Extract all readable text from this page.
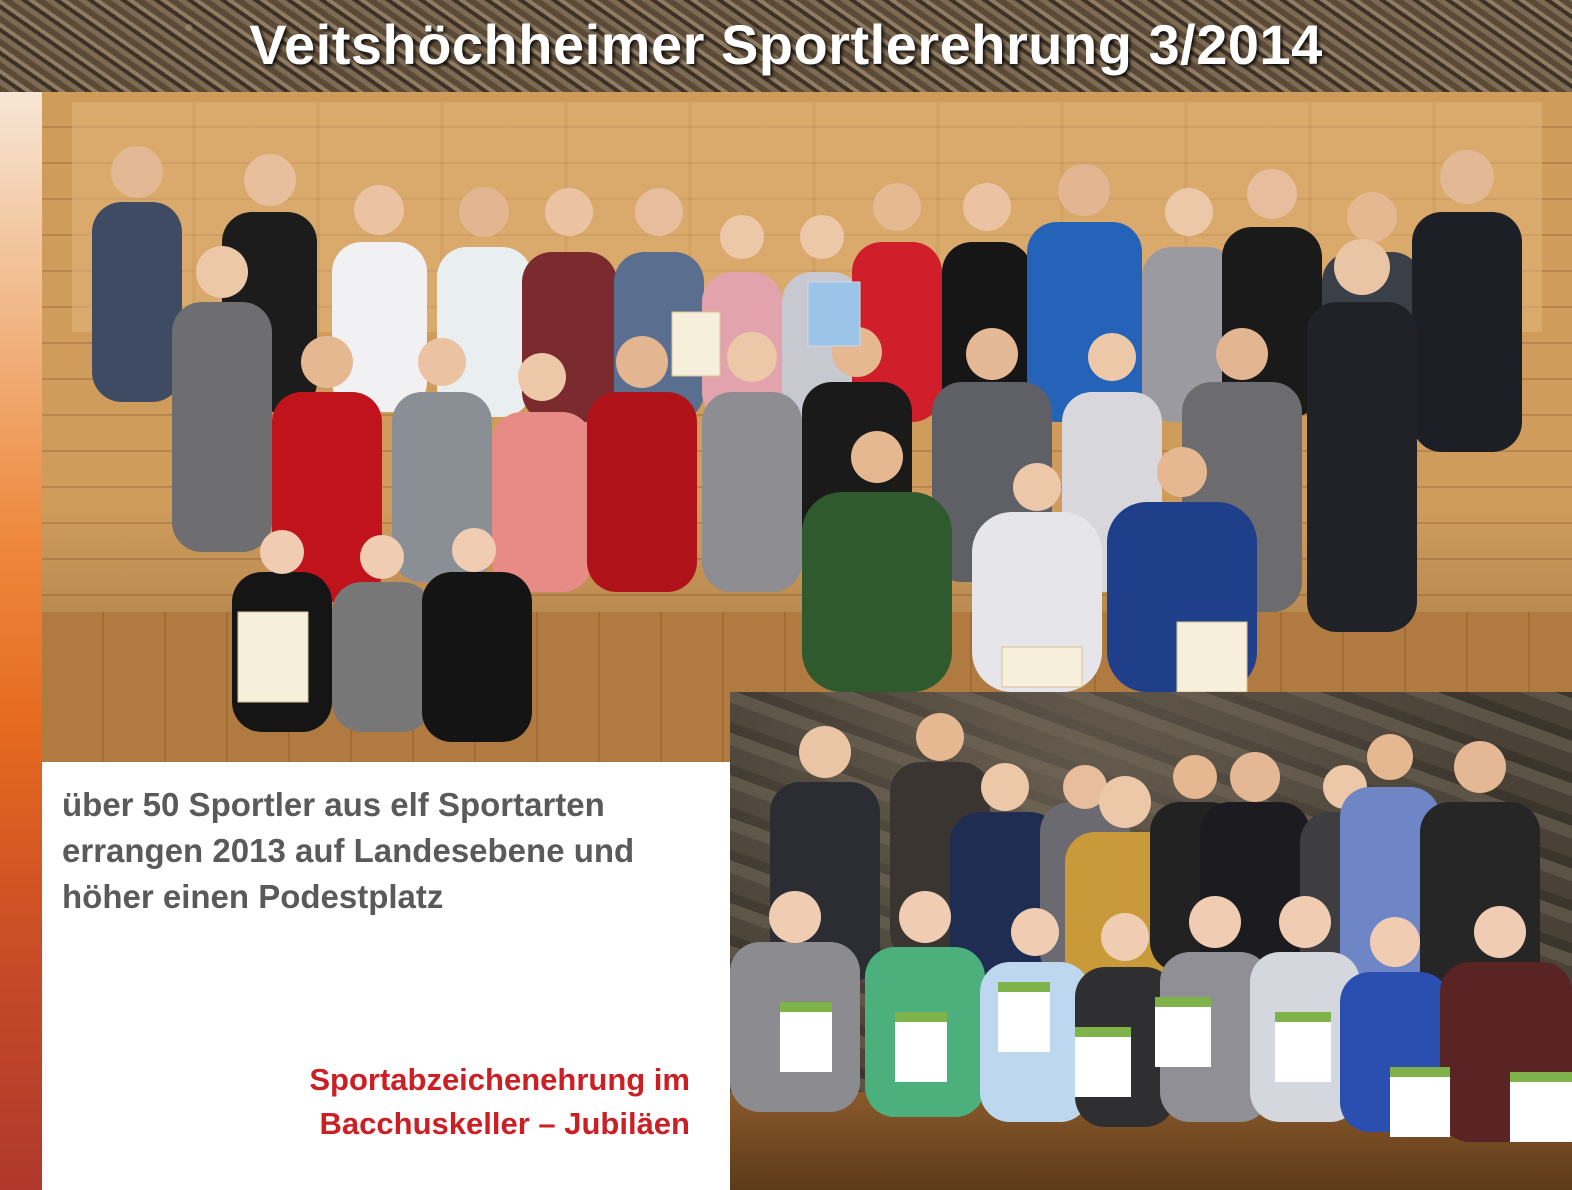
Veitshöchheimer Sportlerehrung 3/2014
über 50 Sportler aus elf Sportarten
errangen 2013 auf Landesebene und
höher einen Podestplatz
Sportabzeichenehrung im
Bacchuskeller – Jubiläen
